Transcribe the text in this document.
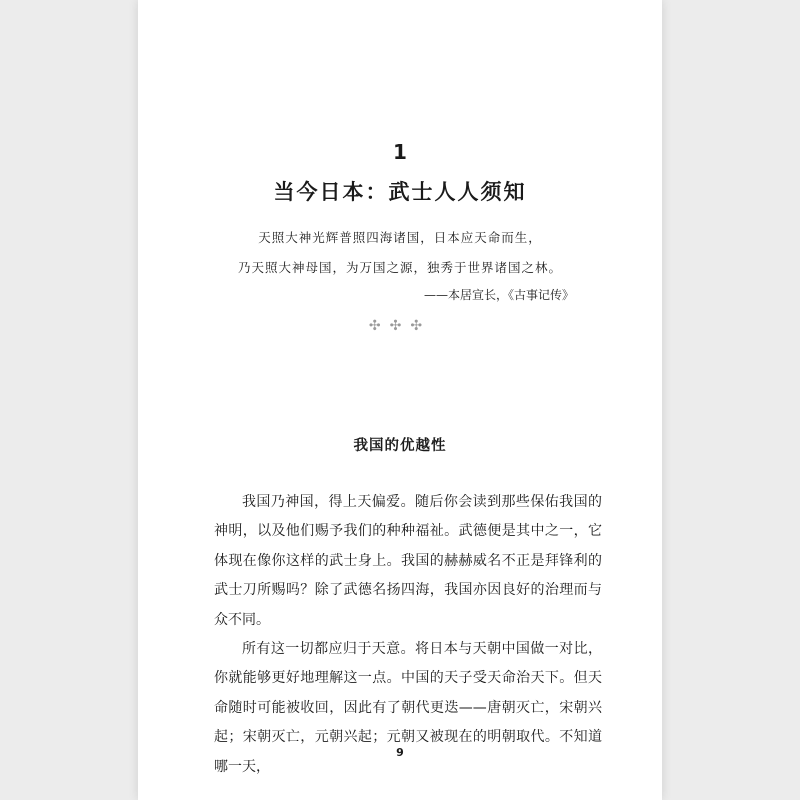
1
当今日本：武士人人须知
天照大神光辉普照四海诸国，日本应天命而生，
乃天照大神母国，为万国之源，独秀于世界诸国之林。
——本居宣长，《古事记传》
✣✣✣
我国的优越性

我国乃神国，得上天偏爱。随后你会读到那些保佑我国的神明，以及他们赐予我们的种种福祉。武德便是其中之一，它体现在像你这样的武士身上。我国的赫赫威名不正是拜锋利的武士刀所赐吗？除了武德名扬四海，我国亦因良好的治理而与众不同。

所有这一切都应归于天意。将日本与天朝中国做一对比，你就能够更好地理解这一点。中国的天子受天命治天下。但天命随时可能被收回，因此有了朝代更迭——唐朝灭亡，宋朝兴起；宋朝灭亡，元朝兴起；元朝又被现在的明朝取代。不知道哪一天，

9
